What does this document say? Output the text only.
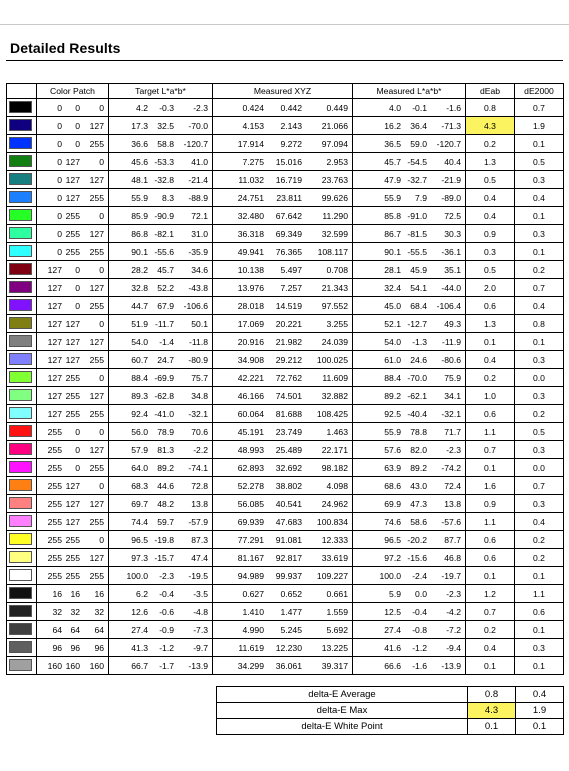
Detailed Results
	Color Patch	Target L*a*b*	Measured XYZ	Measured L*a*b*	dEab	dE2000

	0 0 0	4.2 -0.3 -2.3	0.424 0.442 0.449	4.0 -0.1 -1.6	0.8	0.7

	0 0 127	17.3 32.5 -70.0	4.153 2.143 21.066	16.2 36.4 -71.3	4.3	1.9

	0 0 255	36.6 58.8 -120.7	17.914 9.272 97.094	36.5 59.0 -120.7	0.2	0.1

	0 127 0	45.6 -53.3 41.0	7.275 15.016 2.953	45.7 -54.5 40.4	1.3	0.5

	0 127 127	48.1 -32.8 -21.4	11.032 16.719 23.763	47.9 -32.7 -21.9	0.5	0.3

	0 127 255	55.9 8.3 -88.9	24.751 23.811 99.626	55.9 7.9 -89.0	0.4	0.4

	0 255 0	85.9 -90.9 72.1	32.480 67.642 11.290	85.8 -91.0 72.5	0.4	0.1

	0 255 127	86.8 -82.1 31.0	36.318 69.349 32.599	86.7 -81.5 30.3	0.9	0.3

	0 255 255	90.1 -55.6 -35.9	49.941 76.365 108.117	90.1 -55.5 -36.1	0.3	0.1

	127 0 0	28.2 45.7 34.6	10.138 5.497 0.708	28.1 45.9 35.1	0.5	0.2

	127 0 127	32.8 52.2 -43.8	13.976 7.257 21.343	32.4 54.1 -44.0	2.0	0.7

	127 0 255	44.7 67.9 -106.6	28.018 14.519 97.552	45.0 68.4 -106.4	0.6	0.4

	127 127 0	51.9 -11.7 50.1	17.069 20.221 3.255	52.1 -12.7 49.3	1.3	0.8

	127 127 127	54.0 -1.4 -11.8	20.916 21.982 24.039	54.0 -1.3 -11.9	0.1	0.1

	127 127 255	60.7 24.7 -80.9	34.908 29.212 100.025	61.0 24.6 -80.6	0.4	0.3

	127 255 0	88.4 -69.9 75.7	42.221 72.762 11.609	88.4 -70.0 75.9	0.2	0.0

	127 255 127	89.3 -62.8 34.8	46.166 74.501 32.882	89.2 -62.1 34.1	1.0	0.3

	127 255 255	92.4 -41.0 -32.1	60.064 81.688 108.425	92.5 -40.4 -32.1	0.6	0.2

	255 0 0	56.0 78.9 70.6	45.191 23.749 1.463	55.9 78.8 71.7	1.1	0.5

	255 0 127	57.9 81.3 -2.2	48.993 25.489 22.171	57.6 82.0 -2.3	0.7	0.3

	255 0 255	64.0 89.2 -74.1	62.893 32.692 98.182	63.9 89.2 -74.2	0.1	0.0

	255 127 0	68.3 44.6 72.8	52.278 38.802 4.098	68.6 43.0 72.4	1.6	0.7

	255 127 127	69.7 48.2 13.8	56.085 40.541 24.962	69.9 47.3 13.8	0.9	0.3

	255 127 255	74.4 59.7 -57.9	69.939 47.683 100.834	74.6 58.6 -57.6	1.1	0.4

	255 255 0	96.5 -19.8 87.3	77.291 91.081 12.333	96.5 -20.2 87.7	0.6	0.2

	255 255 127	97.3 -15.7 47.4	81.167 92.817 33.619	97.2 -15.6 46.8	0.6	0.2

	255 255 255	100.0 -2.3 -19.5	94.989 99.937 109.227	100.0 -2.4 -19.7	0.1	0.1

	16 16 16	6.2 -0.4 -3.5	0.627 0.652 0.661	5.9 0.0 -2.3	1.2	1.1

	32 32 32	12.6 -0.6 -4.8	1.410 1.477 1.559	12.5 -0.4 -4.2	0.7	0.6

	64 64 64	27.4 -0.9 -7.3	4.990 5.245 5.692	27.4 -0.8 -7.2	0.2	0.1

	96 96 96	41.3 -1.2 -9.7	11.619 12.230 13.225	41.6 -1.2 -9.4	0.4	0.3

	160 160 160	66.7 -1.7 -13.9	34.299 36.061 39.317	66.6 -1.6 -13.9	0.1	0.1
delta-E Average	0.8	0.4
delta-E Max	4.3	1.9
delta-E White Point	0.1	0.1
